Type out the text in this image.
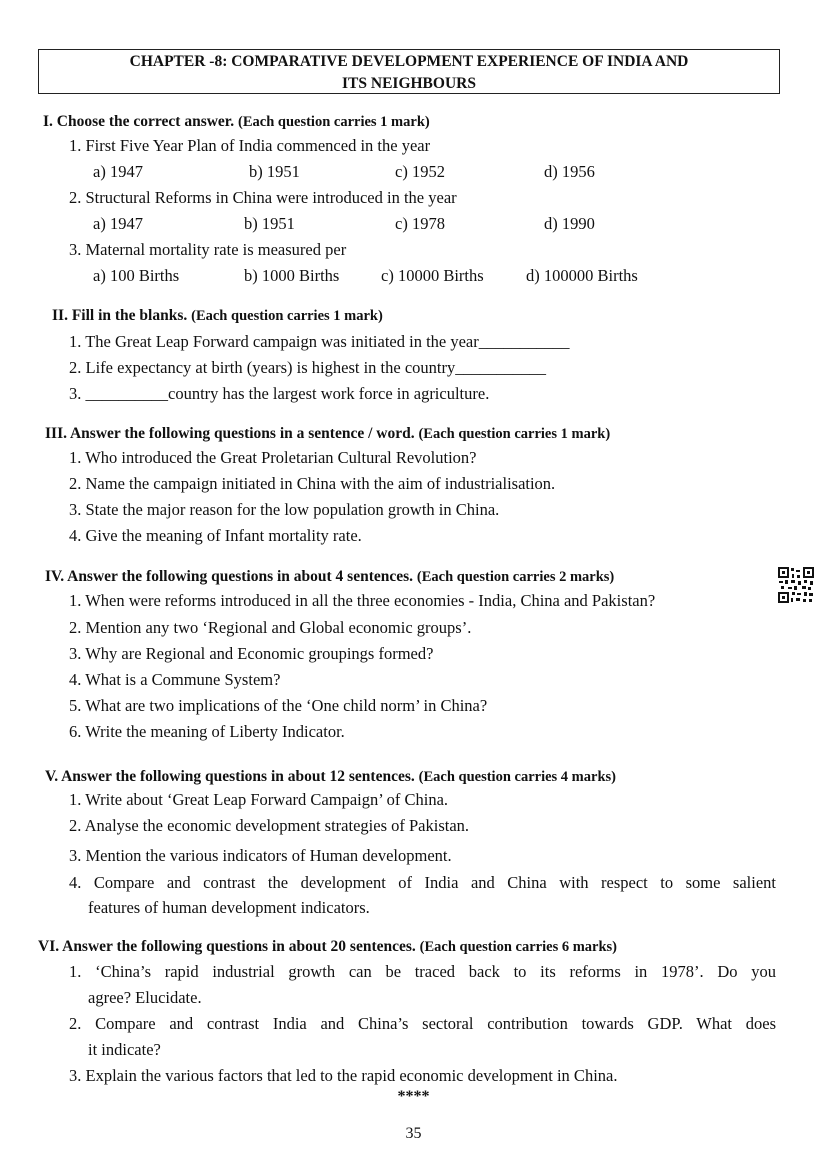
CHAPTER -8: COMPARATIVE DEVELOPMENT EXPERIENCE OF INDIA AND
ITS NEIGHBOURS
I. Choose the correct answer. (Each question carries 1 mark)
1. First Five Year Plan of India commenced in the year
a) 1947	b) 1951	c) 1952	d) 1956
2. Structural Reforms in China were introduced in the year
a) 1947	b) 1951	c) 1978	d) 1990
3. Maternal mortality rate is measured per
a) 100 Births	b) 1000 Births	c) 10000 Births	d) 100000 Births
II. Fill in the blanks. (Each question carries 1 mark)
1. The Great Leap Forward campaign was initiated in the year___________
2. Life expectancy at birth (years) is highest in the country___________
3. __________country has the largest work force in agriculture.
III. Answer the following questions in a sentence / word. (Each question carries 1 mark)
1. Who introduced the Great Proletarian Cultural Revolution?
2. Name the campaign initiated in China with the aim of industrialisation.
3. State the major reason for the low population growth in China.
4. Give the meaning of Infant mortality rate.
IV. Answer the following questions in about 4 sentences. (Each question carries 2 marks)
1. When were reforms introduced in all the three economies - India, China and Pakistan?
2. Mention any two ‘Regional and Global economic groups’.
3. Why are Regional and Economic groupings formed?
4. What is a Commune System?
5. What are two implications of the ‘One child norm’ in China?
6. Write the meaning of Liberty Indicator.
V. Answer the following questions in about 12 sentences. (Each question carries 4 marks)
1. Write about ‘Great Leap Forward Campaign’ of China.
2. Analyse the economic development strategies of Pakistan.
3. Mention the various indicators of Human development.
4. Compare and contrast the development of India and China with respect to some salient
features of human development indicators.
VI. Answer the following questions in about 20 sentences. (Each question carries 6 marks)
1. ‘China’s rapid industrial growth can be traced back to its reforms in 1978’. Do you
agree? Elucidate.
2. Compare and contrast India and China’s sectoral contribution towards GDP. What does
it indicate?
3. Explain the various factors that led to the rapid economic development in China.
****
35
